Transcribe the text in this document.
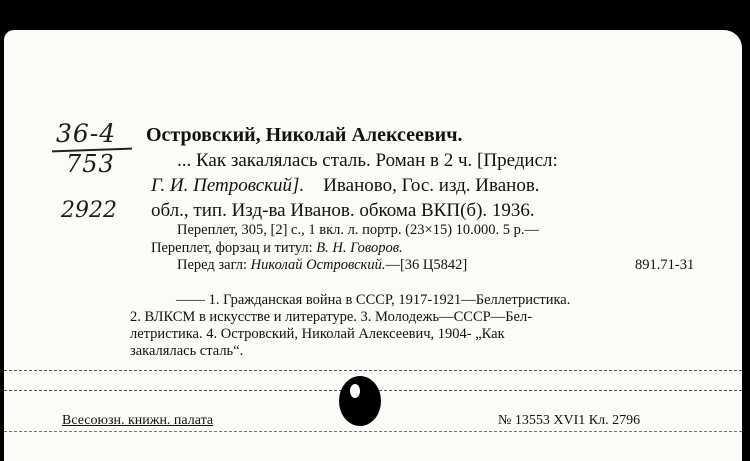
36-4
753
2922
Островский, Николай Алексеевич.
... Как закалялась сталь. Роман в 2 ч. [Предисл:
Г. И. Петровский]. Иваново, Гос. изд. Иванов.
обл., тип. Изд-ва Иванов. обкома ВКП(б). 1936.
Переплет, 305, [2] с., 1 вкл. л. портр. (23×15) 10.000. 5 р.—
Переплет, форзац и титул: В. Н. Говоров.
Перед загл: Николай Островский.—[36 Ц5842]	891.71-31
—— 1. Гражданская война в СССР, 1917-1921—Беллетристика.
2. ВЛКСМ в искусстве и литературе. 3. Молодежь—СССР—Бел-
летристика. 4. Островский, Николай Алексеевич, 1904- „Как
закалялась сталь“.
Всесоюзн. книжн. палата	№ 13553 XVI1 Кл. 2796
